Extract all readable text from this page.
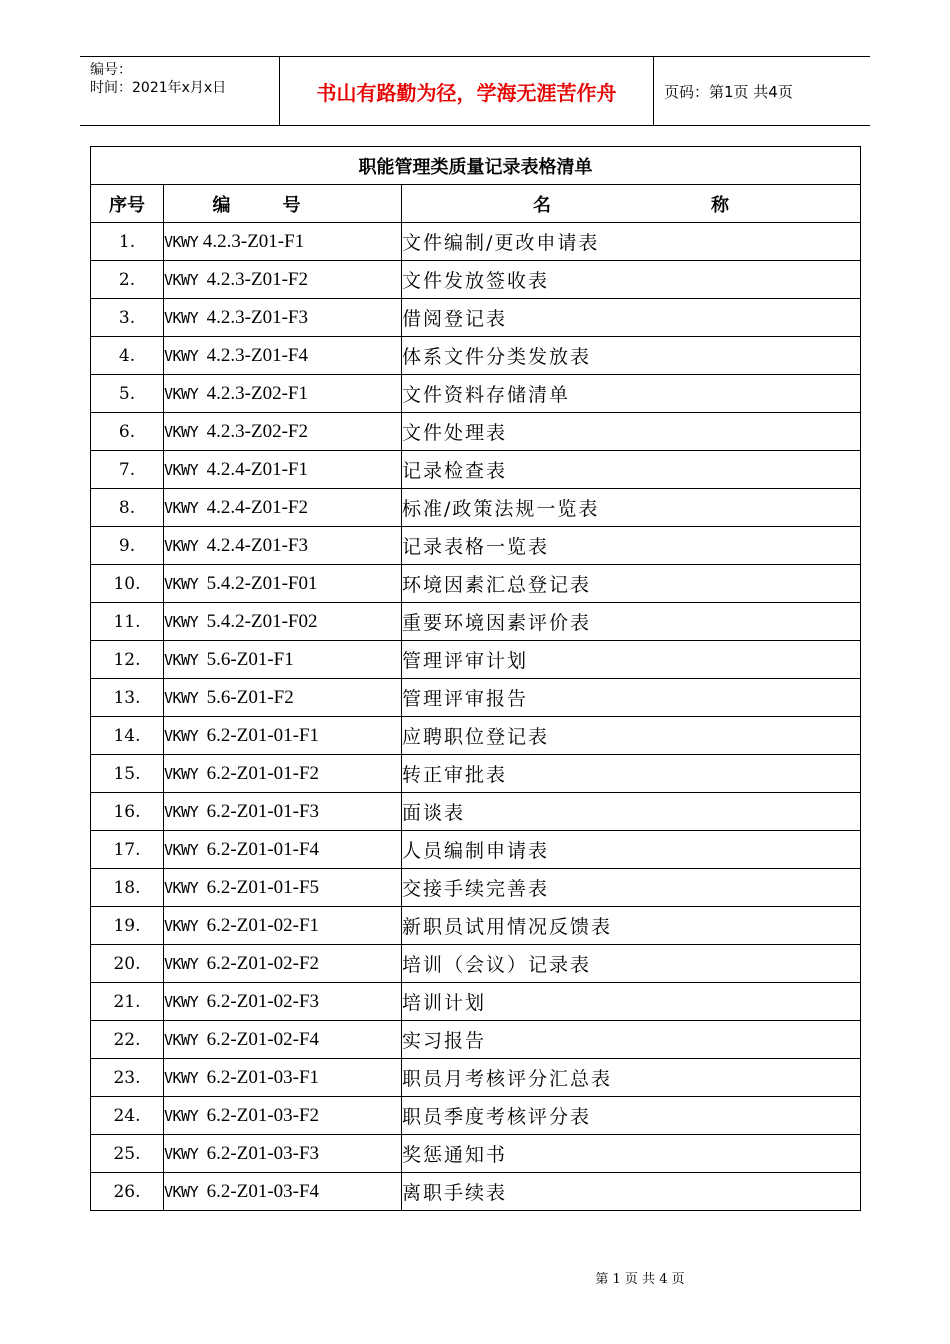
编号：
时间：2021年x月x日	书山有路勤为径，学海无涯苦作舟	页码：第1页 共4页
职能管理类质量记录表格清单		
序号	编号	名 称
1.	VKWY 4.2.3-Z01-F1	文件编制/更改申请表
2.	VKWY 4.2.3-Z01-F2	文件发放签收表
3.	VKWY 4.2.3-Z01-F3	借阅登记表
4.	VKWY 4.2.3-Z01-F4	体系文件分类发放表
5.	VKWY 4.2.3-Z02-F1	文件资料存储清单
6.	VKWY 4.2.3-Z02-F2	文件处理表
7.	VKWY 4.2.4-Z01-F1	记录检查表
8.	VKWY 4.2.4-Z01-F2	标准/政策法规一览表
9.	VKWY 4.2.4-Z01-F3	记录表格一览表
10.	VKWY 5.4.2-Z01-F01	环境因素汇总登记表
11.	VKWY 5.4.2-Z01-F02	重要环境因素评价表
12.	VKWY 5.6-Z01-F1	管理评审计划
13.	VKWY 5.6-Z01-F2	管理评审报告
14.	VKWY 6.2-Z01-01-F1	应聘职位登记表
15.	VKWY 6.2-Z01-01-F2	转正审批表
16.	VKWY 6.2-Z01-01-F3	面谈表
17.	VKWY 6.2-Z01-01-F4	人员编制申请表
18.	VKWY 6.2-Z01-01-F5	交接手续完善表
19.	VKWY 6.2-Z01-02-F1	新职员试用情况反馈表
20.	VKWY 6.2-Z01-02-F2	培训（会议）记录表
21.	VKWY 6.2-Z01-02-F3	培训计划
22.	VKWY 6.2-Z01-02-F4	实习报告
23.	VKWY 6.2-Z01-03-F1	职员月考核评分汇总表
24.	VKWY 6.2-Z01-03-F2	职员季度考核评分表
25.	VKWY 6.2-Z01-03-F3	奖惩通知书
26.	VKWY 6.2-Z01-03-F4	离职手续表
第 1 页 共 4 页
